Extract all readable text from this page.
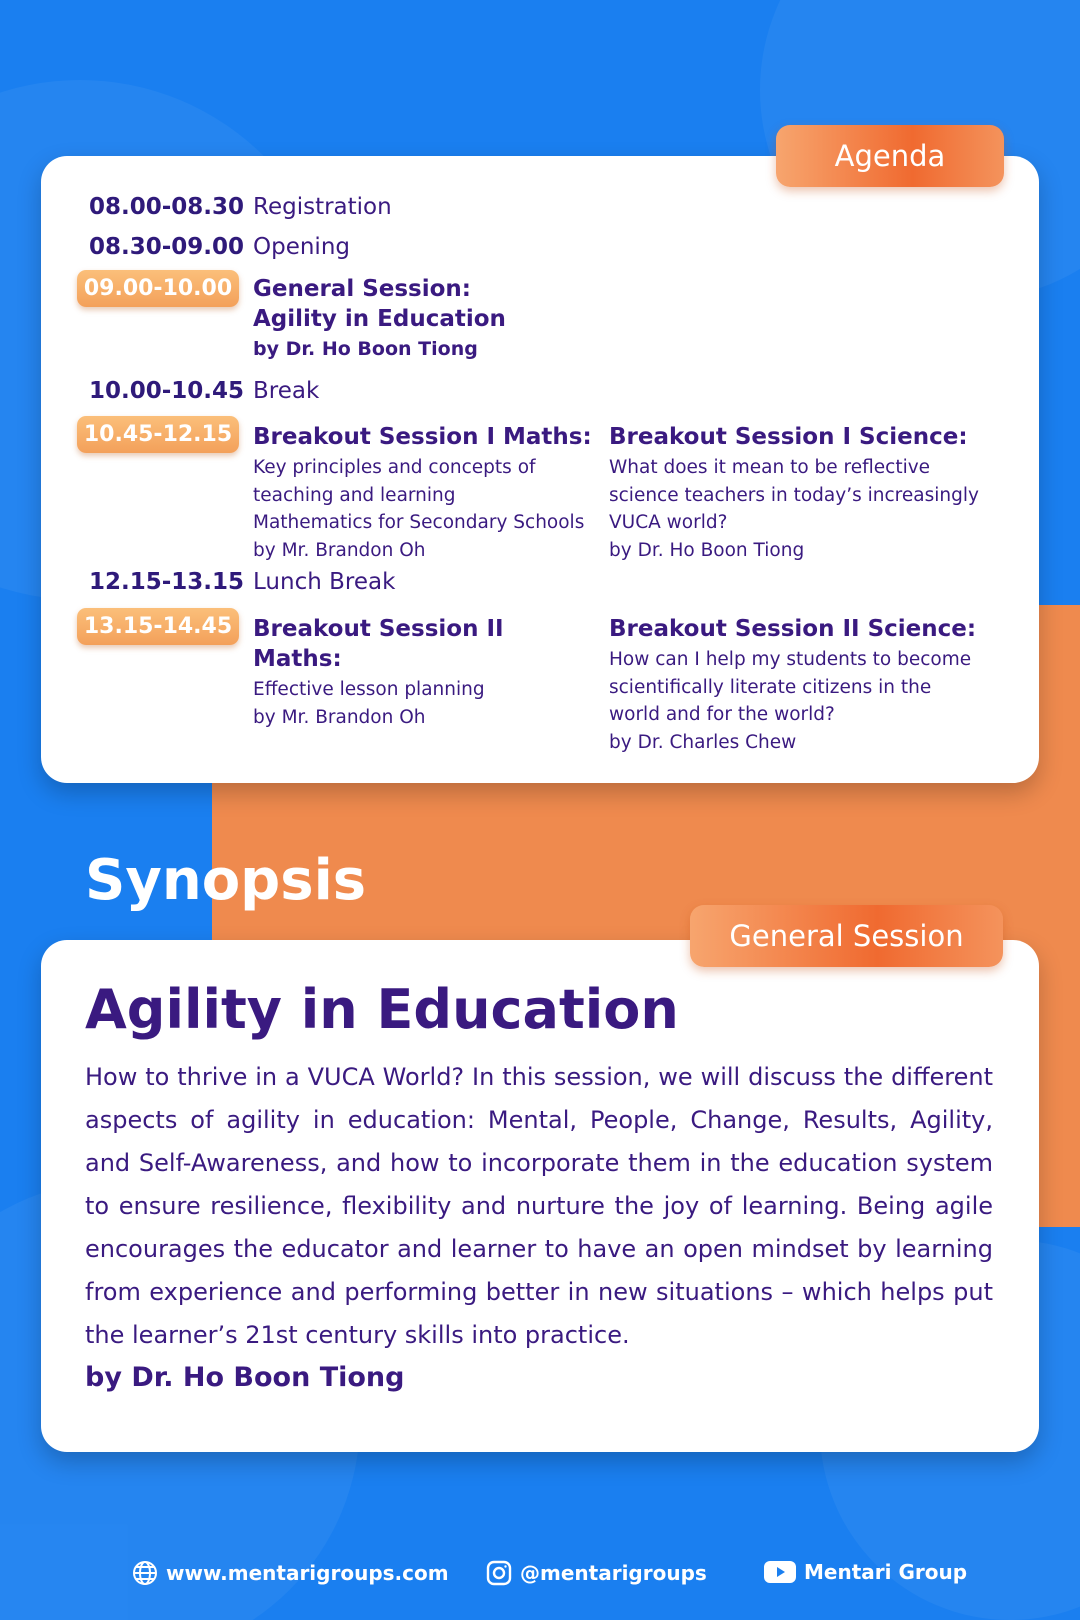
08.00-08.30 Registration
08.30-09.00 Opening
09.00-10.00 General Session:
Agility in Education
by Dr. Ho Boon Tiong
10.00-10.45 Break
10.45-12.15 Breakout Session I Maths:
Key principles and concepts of
teaching and learning
Mathematics for Secondary Schools
by Mr. Brandon Oh
Breakout Session I Science:
What does it mean to be reflective
science teachers in today’s increasingly
VUCA world?
by Dr. Ho Boon Tiong
12.15-13.15 Lunch Break
13.15-14.45 Breakout Session II Maths:
Effective lesson planning
by Mr. Brandon Oh
Breakout Session II Science:
How can I help my students to become
scientifically literate citizens in the
world and for the world?
by Dr. Charles Chew
Agenda
Synopsis
Agility in Education
How to thrive in a VUCA World? In this session, we will discuss the different aspects of agility in education: Mental, People, Change, Results, Agility, and Self-Awareness, and how to incorporate them in the education system to ensure resilience, flexibility and nurture the joy of learning. Being agile encourages the educator and learner to have an open mindset by learning from experience and performing better in new situations – which helps put the learner’s 21st century skills into practice.
by Dr. Ho Boon Tiong
General Session
www.mentarigroups.com	@mentarigroups	Mentari Group
